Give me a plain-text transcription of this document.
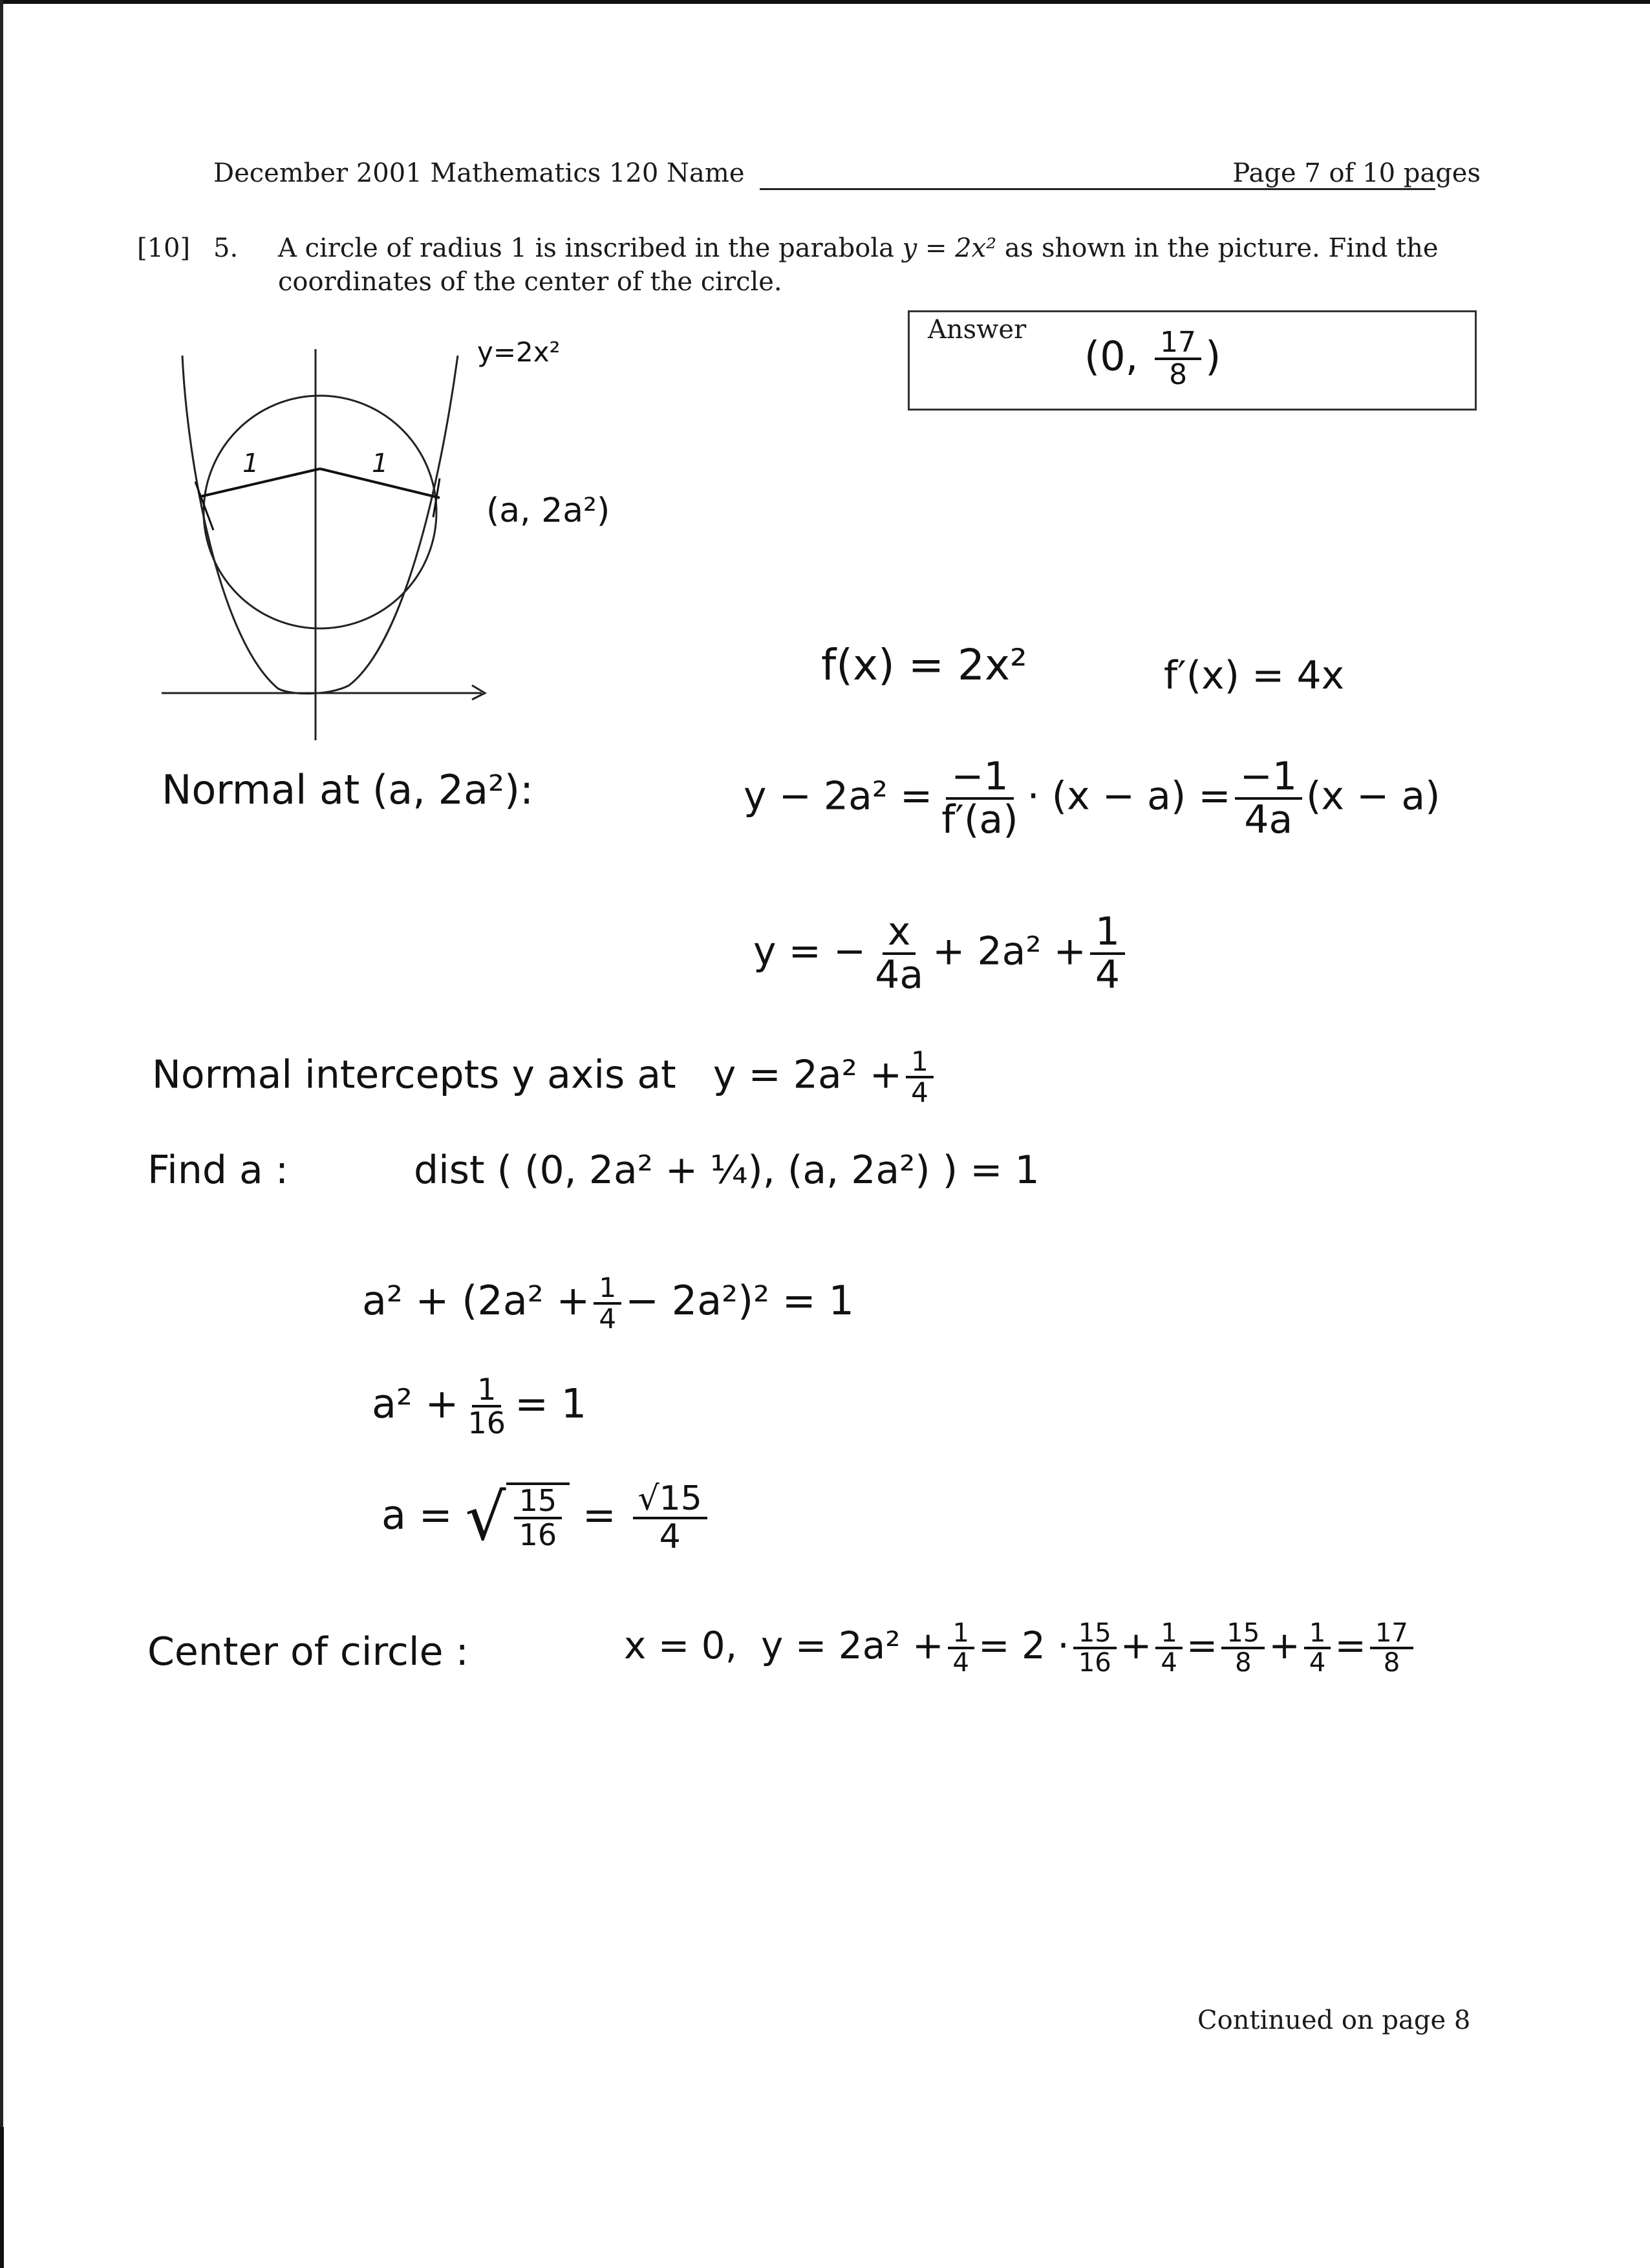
December 2001 Mathematics 120 Name	Page 7 of 10 pages
[10] 5. A circle of radius 1 is inscribed in the parabola y = 2x² as shown in the picture. Find the coordinates of the center of the circle.
Answer
(0, $\frac{17}{8}$ )
1	1
y=2x²
(a, 2a²)
f(x) = 2x²	f′(x) = 4x
Normal at (a, 2a²):	$y - 2a^2 = \frac{-1}{f'(a)} \cdot (x - a) = \frac{-1}{4a} (x - a)$
y = − $\frac{x}{4a} + 2a^2 + \frac{1}{4}$
Normal intercepts y axis at $y = 2a^2 + \frac{1}{4}$
Find a :	dist ( (0, 2a² + ¼), (a, 2a²) ) = 1
$a^2 + (2a^2 + \frac{1}{4} - 2a^2)^2 = 1$
$a^2 + \frac{1}{16} = 1$
a = √ $\frac{15}{16} = \frac{√15}{4}$
Center of circle :	x = 0, $y = 2a^2 + \frac{1}{4} = 2 \cdot \frac{15}{16} + \frac{1}{4} = \frac{15}{8} + \frac{1}{4} = \frac{17}{8}$
Continued on page 8
